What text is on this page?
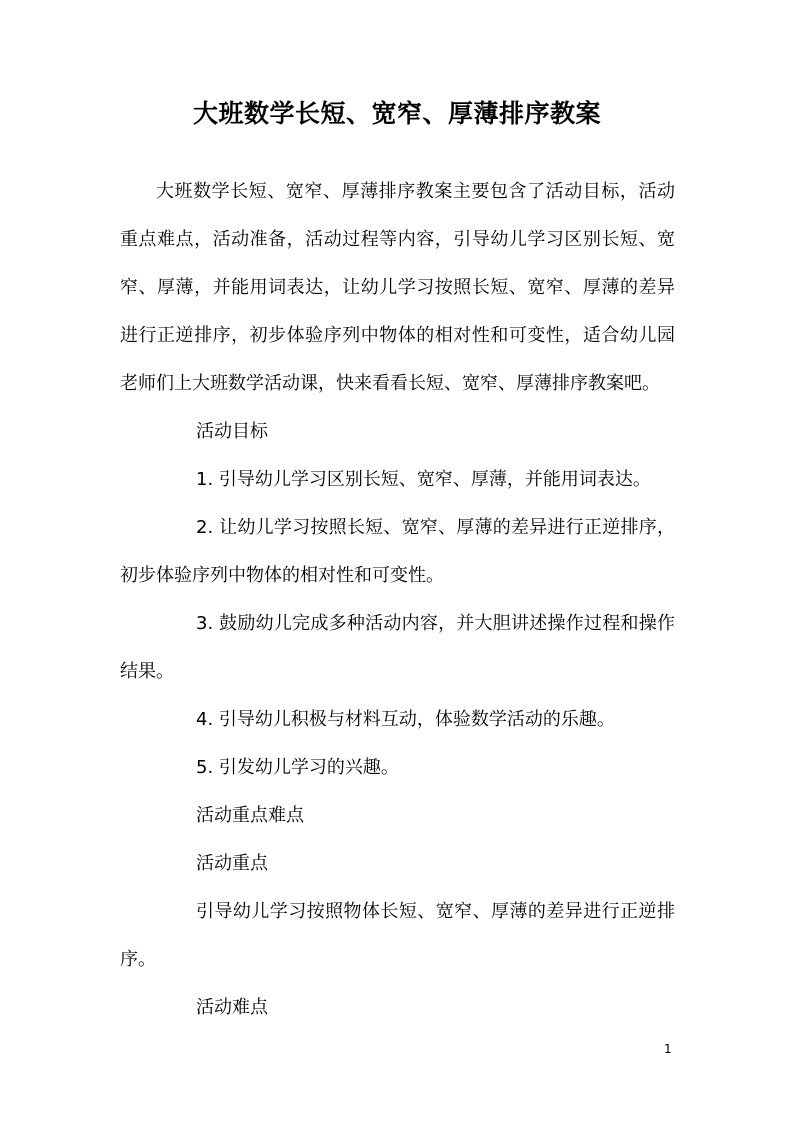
大班数学长短、宽窄、厚薄排序教案

大班数学长短、宽窄、厚薄排序教案主要包含了活动目标，活动重点难点，活动准备，活动过程等内容，引导幼儿学习区别长短、宽窄、厚薄，并能用词表达，让幼儿学习按照长短、宽窄、厚薄的差异进行正逆排序，初步体验序列中物体的相对性和可变性，适合幼儿园老师们上大班数学活动课，快来看看长短、宽窄、厚薄排序教案吧。

活动目标

1. 引导幼儿学习区别长短、宽窄、厚薄，并能用词表达。

2. 让幼儿学习按照长短、宽窄、厚薄的差异进行正逆排序，初步体验序列中物体的相对性和可变性。

3. 鼓励幼儿完成多种活动内容，并大胆讲述操作过程和操作结果。

4. 引导幼儿积极与材料互动，体验数学活动的乐趣。

5. 引发幼儿学习的兴趣。

活动重点难点

活动重点

引导幼儿学习按照物体长短、宽窄、厚薄的差异进行正逆排序。

活动难点

1
